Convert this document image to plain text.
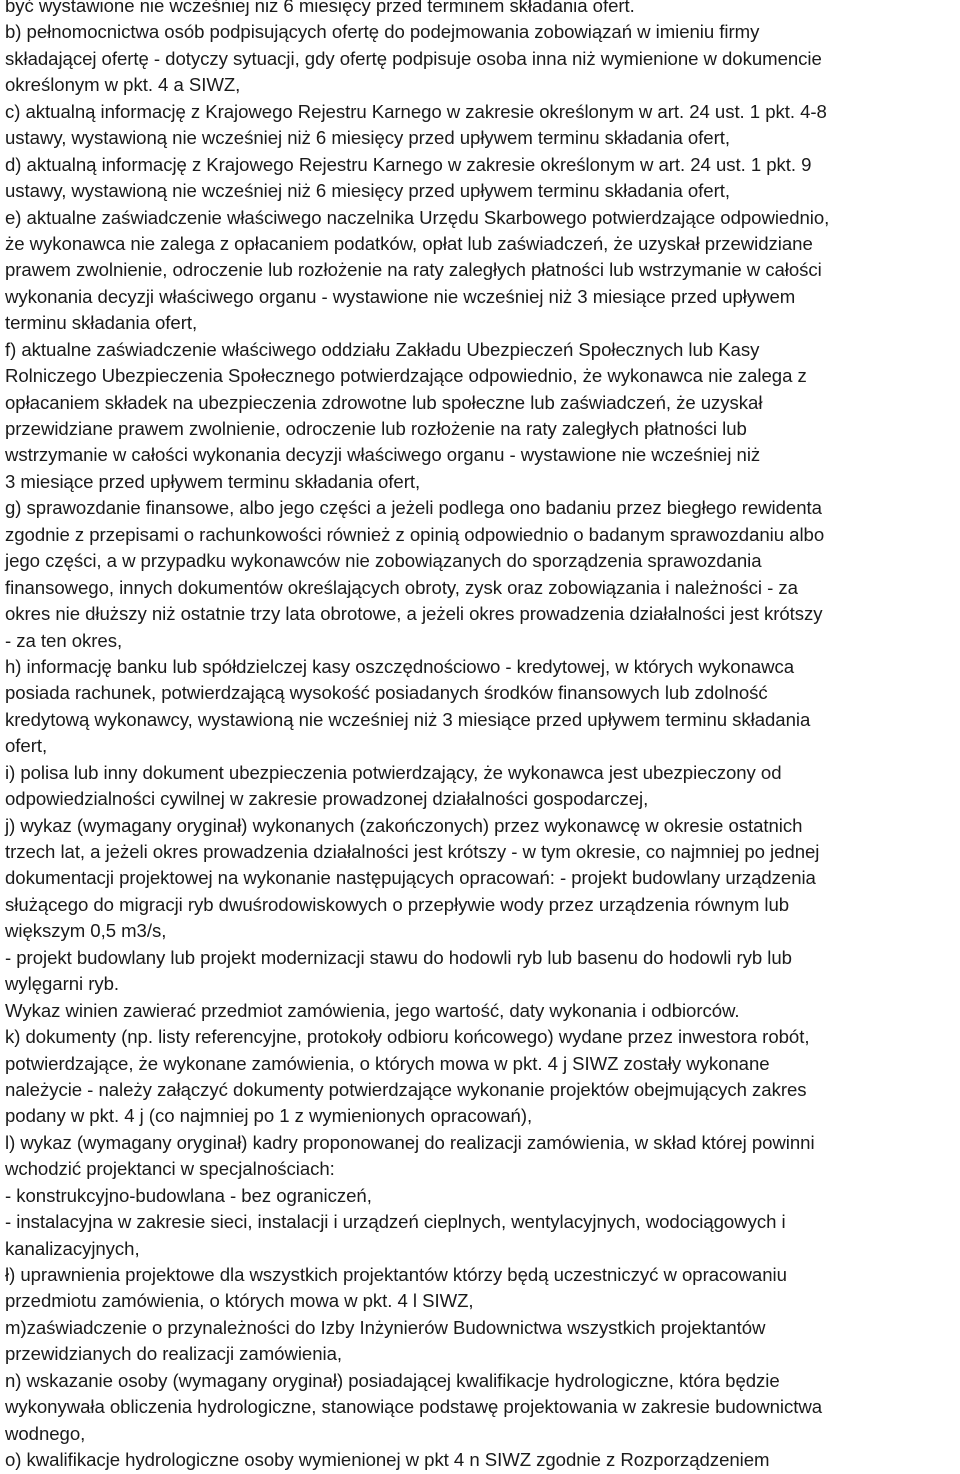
być wystawione nie wcześniej niż 6 miesięcy przed terminem składania ofert.
b) pełnomocnictwa osób podpisujących ofertę do podejmowania zobowiązań w imieniu firmy
składającej ofertę - dotyczy sytuacji, gdy ofertę podpisuje osoba inna niż wymienione w dokumencie
określonym w pkt. 4 a SIWZ,
c) aktualną informację z Krajowego Rejestru Karnego w zakresie określonym w art. 24 ust. 1 pkt. 4-8
ustawy, wystawioną nie wcześniej niż 6 miesięcy przed upływem terminu składania ofert,
d) aktualną informację z Krajowego Rejestru Karnego w zakresie określonym w art. 24 ust. 1 pkt. 9
ustawy, wystawioną nie wcześniej niż 6 miesięcy przed upływem terminu składania ofert,
e) aktualne zaświadczenie właściwego naczelnika Urzędu Skarbowego potwierdzające odpowiednio,
że wykonawca nie zalega z opłacaniem podatków, opłat lub zaświadczeń, że uzyskał przewidziane
prawem zwolnienie, odroczenie lub rozłożenie na raty zaległych płatności lub wstrzymanie w całości
wykonania decyzji właściwego organu - wystawione nie wcześniej niż 3 miesiące przed upływem
terminu składania ofert,
f) aktualne zaświadczenie właściwego oddziału Zakładu Ubezpieczeń Społecznych lub Kasy
Rolniczego Ubezpieczenia Społecznego potwierdzające odpowiednio, że wykonawca nie zalega z
opłacaniem składek na ubezpieczenia zdrowotne lub społeczne lub zaświadczeń, że uzyskał
przewidziane prawem zwolnienie, odroczenie lub rozłożenie na raty zaległych płatności lub
wstrzymanie w całości wykonania decyzji właściwego organu - wystawione nie wcześniej niż
3 miesiące przed upływem terminu składania ofert,
g) sprawozdanie finansowe, albo jego części a jeżeli podlega ono badaniu przez biegłego rewidenta
zgodnie z przepisami o rachunkowości również z opinią odpowiednio o badanym sprawozdaniu albo
jego części, a w przypadku wykonawców nie zobowiązanych do sporządzenia sprawozdania
finansowego, innych dokumentów określających obroty, zysk oraz zobowiązania i należności - za
okres nie dłuższy niż ostatnie trzy lata obrotowe, a jeżeli okres prowadzenia działalności jest krótszy
- za ten okres,
h) informację banku lub spółdzielczej kasy oszczędnościowo - kredytowej, w których wykonawca
posiada rachunek, potwierdzającą wysokość posiadanych środków finansowych lub zdolność
kredytową wykonawcy, wystawioną nie wcześniej niż 3 miesiące przed upływem terminu składania
ofert,
i) polisa lub inny dokument ubezpieczenia potwierdzający, że wykonawca jest ubezpieczony od
odpowiedzialności cywilnej w zakresie prowadzonej działalności gospodarczej,
j) wykaz (wymagany oryginał) wykonanych (zakończonych) przez wykonawcę w okresie ostatnich
trzech lat, a jeżeli okres prowadzenia działalności jest krótszy - w tym okresie, co najmniej po jednej
dokumentacji projektowej na wykonanie następujących opracowań: - projekt budowlany urządzenia
służącego do migracji ryb dwuśrodowiskowych o przepływie wody przez urządzenia równym lub
większym 0,5 m3/s,
- projekt budowlany lub projekt modernizacji stawu do hodowli ryb lub basenu do hodowli ryb lub
wylęgarni ryb.
Wykaz winien zawierać przedmiot zamówienia, jego wartość, daty wykonania i odbiorców.
k) dokumenty (np. listy referencyjne, protokoły odbioru końcowego) wydane przez inwestora robót,
potwierdzające, że wykonane zamówienia, o których mowa w pkt. 4 j SIWZ zostały wykonane
należycie - należy załączyć dokumenty potwierdzające wykonanie projektów obejmujących zakres
podany w pkt. 4 j (co najmniej po 1 z wymienionych opracowań),
l) wykaz (wymagany oryginał) kadry proponowanej do realizacji zamówienia, w skład której powinni
wchodzić projektanci w specjalnościach:
- konstrukcyjno-budowlana - bez ograniczeń,
- instalacyjna w zakresie sieci, instalacji i urządzeń cieplnych, wentylacyjnych, wodociągowych i
kanalizacyjnych,
ł) uprawnienia projektowe dla wszystkich projektantów którzy będą uczestniczyć w opracowaniu
przedmiotu zamówienia, o których mowa w pkt. 4 l SIWZ,
m)zaświadczenie o przynależności do Izby Inżynierów Budownictwa wszystkich projektantów
przewidzianych do realizacji zamówienia,
n) wskazanie osoby (wymagany oryginał) posiadającej kwalifikacje hydrologiczne, która będzie
wykonywała obliczenia hydrologiczne, stanowiące podstawę projektowania w zakresie budownictwa
wodnego,
o) kwalifikacje hydrologiczne osoby wymienionej w pkt 4 n SIWZ zgodnie z Rozporządzeniem
